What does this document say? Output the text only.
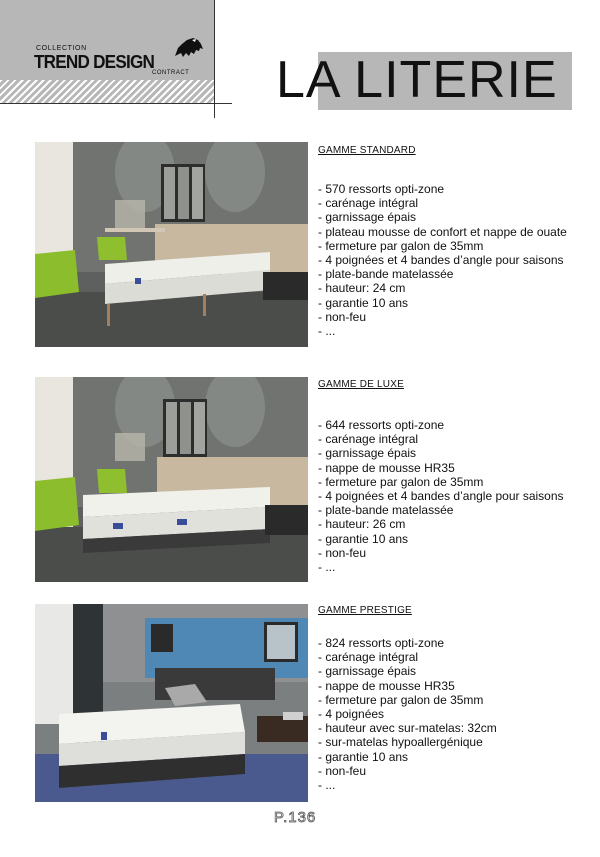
COLLECTION
TREND DESIGN
CONTRACT LA LITERIE
GAMME STANDARD
- 570 ressorts opti-zone
- carénage intégral
- garnissage épais
- plateau mousse de confort et nappe de ouate
- fermeture par galon de 35mm
- 4 poignées et 4 bandes d’angle pour saisons
- plate-bande matelassée
- hauteur: 24 cm
- garantie 10 ans
- non-feu
- ...
GAMME DE LUXE
- 644 ressorts opti-zone
- carénage intégral
- garnissage épais
- nappe de mousse HR35
- fermeture par galon de 35mm
- 4 poignées et 4 bandes d’angle pour saisons
- plate-bande matelassée
- hauteur: 26 cm
- garantie 10 ans
- non-feu
- ...
GAMME PRESTIGE
- 824 ressorts opti-zone
- carénage intégral
- garnissage épais
- nappe de mousse HR35
- fermeture par galon de 35mm
- 4 poignées
- hauteur avec sur-matelas: 32cm
- sur-matelas hypoallergénique
- garantie 10 ans
- non-feu
- ...
P.136
